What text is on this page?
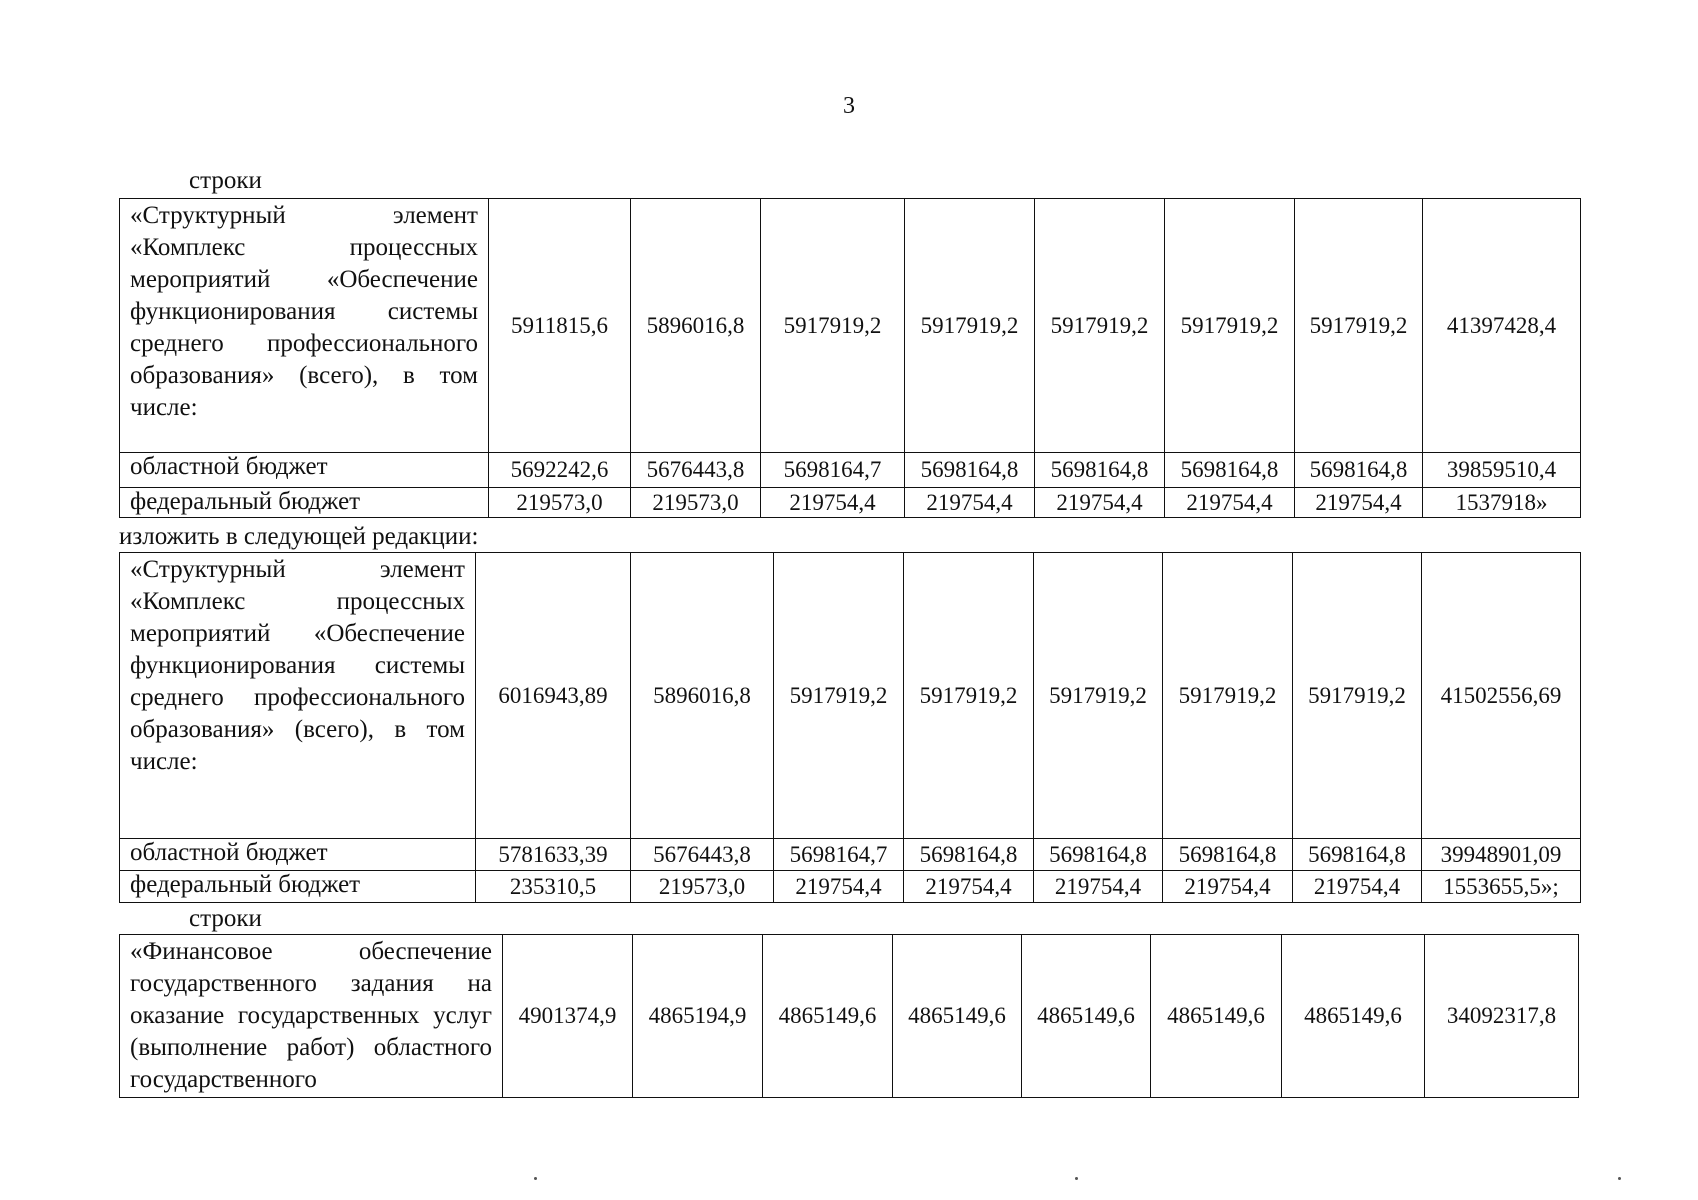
3
строки
«Структурный элемент «Комплекс процессных мероприятий «Обеспечение функционирования системы среднего профессионального образования» (всего), в том числе:	5911815,6	5896016,8	5917919,2	5917919,2	5917919,2	5917919,2	5917919,2	41397428,4
областной бюджет	5692242,6	5676443,8	5698164,7	5698164,8	5698164,8	5698164,8	5698164,8	39859510,4
федеральный бюджет	219573,0	219573,0	219754,4	219754,4	219754,4	219754,4	219754,4	1537918»
изложить в следующей редакции:
«Структурный элемент «Комплекс процессных мероприятий «Обеспечение функционирования системы среднего профессионального образования» (всего), в том числе:	6016943,89	5896016,8	5917919,2	5917919,2	5917919,2	5917919,2	5917919,2	41502556,69
областной бюджет	5781633,39	5676443,8	5698164,7	5698164,8	5698164,8	5698164,8	5698164,8	39948901,09
федеральный бюджет	235310,5	219573,0	219754,4	219754,4	219754,4	219754,4	219754,4	1553655,5»;
строки
«Финансовое обеспечение государственного задания на оказание государственных услуг (выполнение работ) областного государственного	4901374,9	4865194,9	4865149,6	4865149,6	4865149,6	4865149,6	4865149,6	34092317,8
